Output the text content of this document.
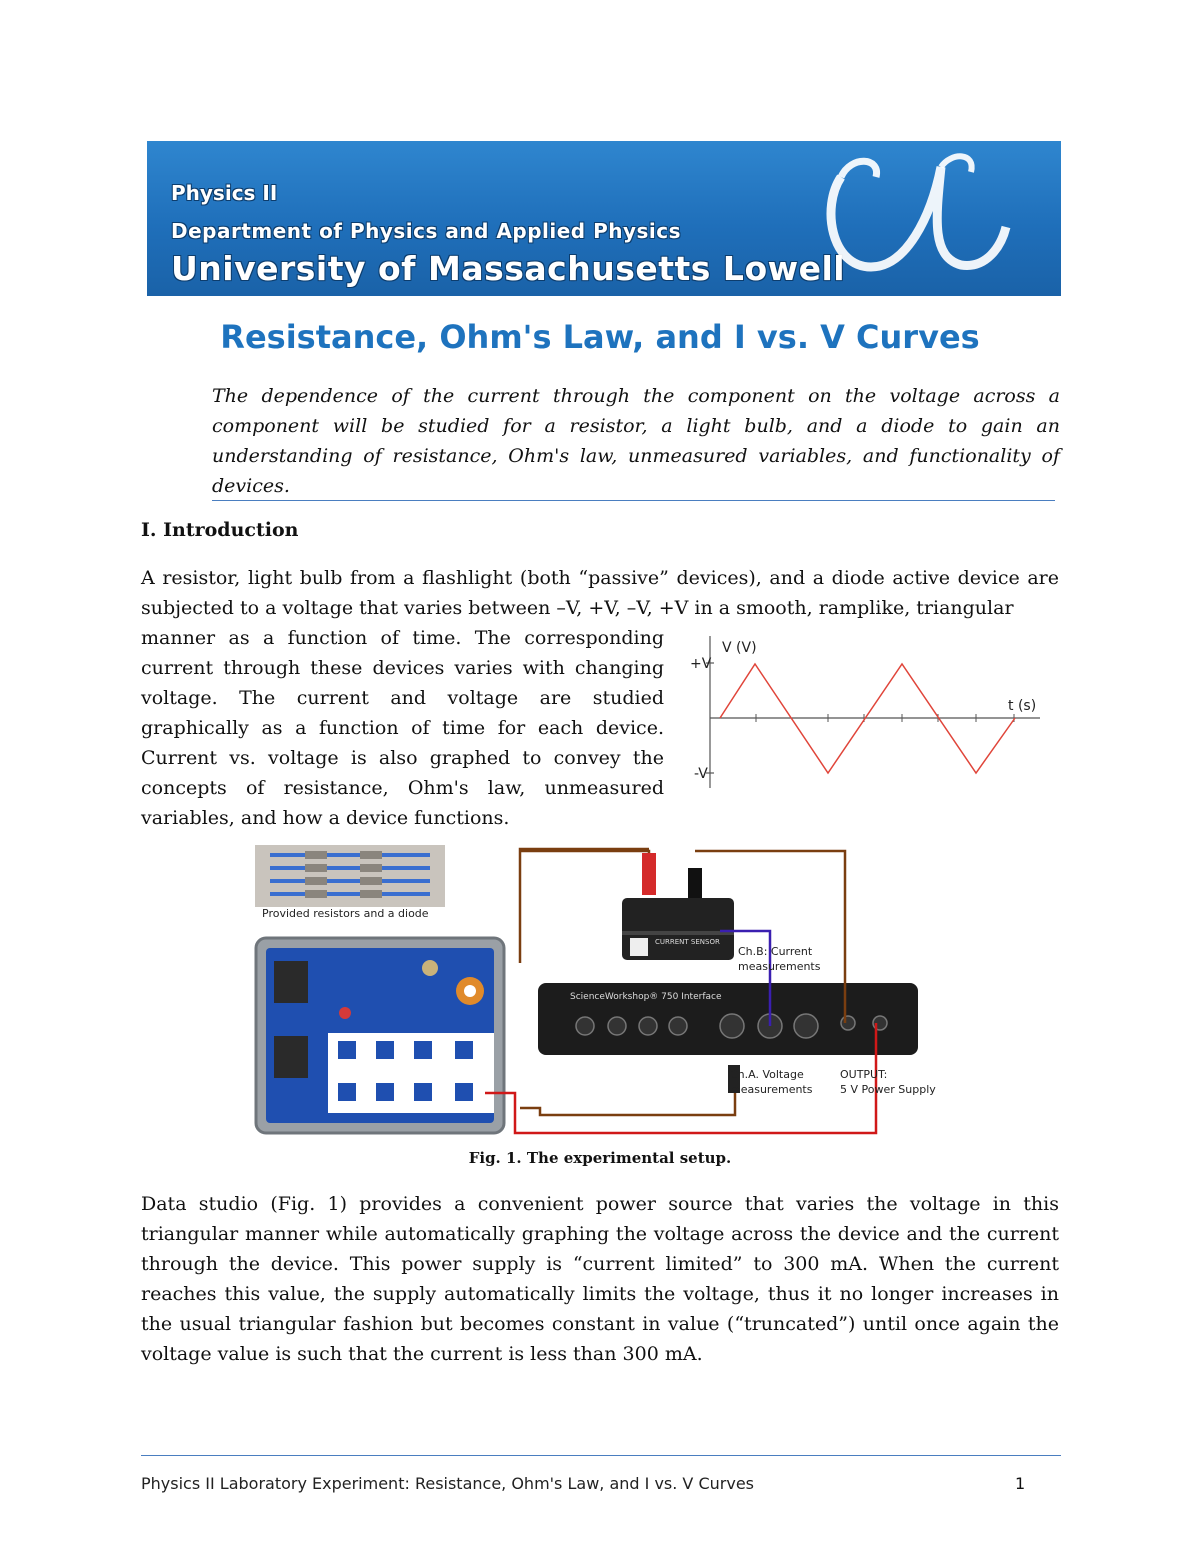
Physics II
Department of Physics and Applied Physics
University of Massachusetts Lowell
Resistance, Ohm's Law, and I vs. V Curves
The dependence of the current through the component on the voltage across a component will be studied for a resistor, a light bulb, and a diode to gain an understanding of resistance, Ohm's law, unmeasured variables, and functionality of devices.
I. Introduction
A resistor, light bulb from a flashlight (both “passive” devices), and a diode active device are subjected to a voltage that varies between –V, +V, –V, +V in a smooth, ramplike, triangular
manner as a function of time. The corresponding current through these devices varies with changing voltage. The current and voltage are studied graphically as a function of time for each device. Current vs. voltage is also graphed to convey the concepts of resistance, Ohm's law, unmeasured variables, and how a device functions.
V (V)
+V
-V
t (s)
Provided resistors and a diode
CURRENT SENSOR
ScienceWorkshop® 750 Interface
Ch.B: Current
measurements
Ch.A. Voltage
measurements
OUTPUT:
5 V Power Supply
Fig. 1. The experimental setup.
Data studio (Fig. 1) provides a convenient power source that varies the voltage in this triangular manner while automatically graphing the voltage across the device and the current through the device. This power supply is “current limited” to 300 mA. When the current reaches this value, the supply automatically limits the voltage, thus it no longer increases in the usual triangular fashion but becomes constant in value (“truncated”) until once again the voltage value is such that the current is less than 300 mA.
Physics II Laboratory Experiment: Resistance, Ohm's Law, and I vs. V Curves	1
